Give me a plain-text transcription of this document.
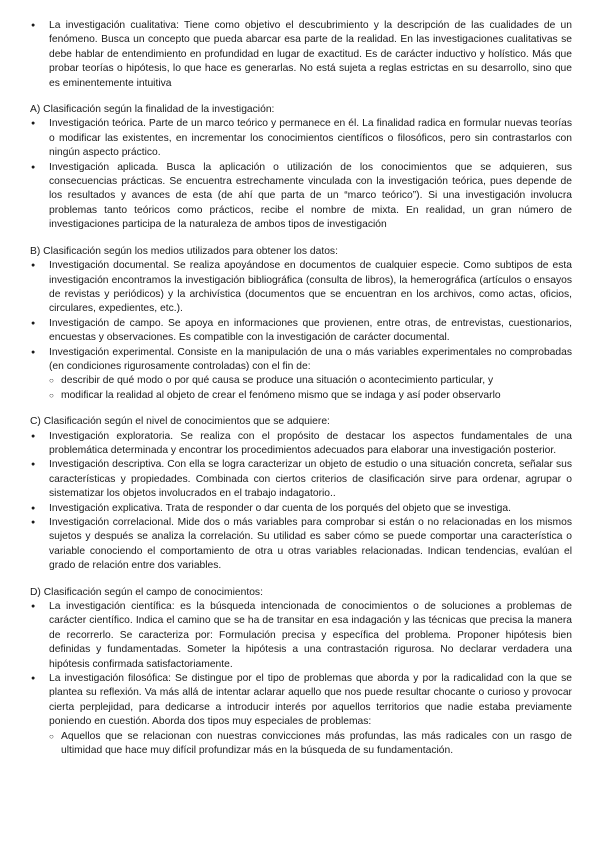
● La investigación cualitativa: Tiene como objetivo el descubrimiento y la descripción de las cualidades de un fenómeno. Busca un concepto que pueda abarcar esa parte de la realidad. En las investigaciones cualitativas se debe hablar de entendimiento en profundidad en lugar de exactitud. Es de carácter inductivo y holístico. Más que probar teorías o hipótesis, lo que hace es generarlas. No está sujeta a reglas estrictas en su desarrollo, sino que es eminentemente intuitiva

A) Clasificación según la finalidad de la investigación:

● Investigación teórica. Parte de un marco teórico y permanece en él. La finalidad radica en formular nuevas teorías o modificar las existentes, en incrementar los conocimientos científicos o filosóficos, pero sin contrastarlos con ningún aspecto práctico.
● Investigación aplicada. Busca la aplicación o utilización de los conocimientos que se adquieren, sus consecuencias prácticas. Se encuentra estrechamente vinculada con la investigación teórica, pues depende de los resultados y avances de esta (de ahí que parta de un “marco teórico”). Si una investigación involucra problemas tanto teóricos como prácticos, recibe el nombre de mixta. En realidad, un gran número de investigaciones participa de la naturaleza de ambos tipos de investigación

B) Clasificación según los medios utilizados para obtener los datos:

● Investigación documental. Se realiza apoyándose en documentos de cualquier especie. Como subtipos de esta investigación encontramos la investigación bibliográfica (consulta de libros), la hemerográfica (artículos o ensayos de revistas y periódicos) y la archivística (documentos que se encuentran en los archivos, como actas, oficios, circulares, expedientes, etc.).
● Investigación de campo. Se apoya en informaciones que provienen, entre otras, de entrevistas, cuestionarios, encuestas y observaciones. Es compatible con la investigación de carácter documental.
● Investigación experimental. Consiste en la manipulación de una o más variables experimentales no comprobadas (en condiciones rigurosamente controladas) con el fin de:
○ describir de qué modo o por qué causa se produce una situación o acontecimiento particular, y
○ modificar la realidad al objeto de crear el fenómeno mismo que se indaga y así poder observarlo

C) Clasificación según el nivel de conocimientos que se adquiere:

● Investigación exploratoria. Se realiza con el propósito de destacar los aspectos fundamentales de una problemática determinada y encontrar los procedimientos adecuados para elaborar una investigación posterior.
● Investigación descriptiva. Con ella se logra caracterizar un objeto de estudio o una situación concreta, señalar sus características y propiedades. Combinada con ciertos criterios de clasificación sirve para ordenar, agrupar o sistematizar los objetos involucrados en el trabajo indagatorio..
● Investigación explicativa. Trata de responder o dar cuenta de los porqués del objeto que se investiga.
● Investigación correlacional. Mide dos o más variables para comprobar si están o no relacionadas en los mismos sujetos y después se analiza la correlación. Su utilidad es saber cómo se puede comportar una característica o variable conociendo el comportamiento de otra u otras variables relacionadas. Indican tendencias, evalúan el grado de relación entre dos variables.

D) Clasificación según el campo de conocimientos:

● La investigación científica: es la búsqueda intencionada de conocimientos o de soluciones a problemas de carácter científico. Indica el camino que se ha de transitar en esa indagación y las técnicas que precisa la manera de recorrerlo. Se caracteriza por: Formulación precisa y específica del problema. Proponer hipótesis bien definidas y fundamentadas. Someter la hipótesis a una contrastación rigurosa. No declarar verdadera una hipótesis confirmada satisfactoriamente.
● La investigación filosófica: Se distingue por el tipo de problemas que aborda y por la radicalidad con la que se plantea su reflexión. Va más allá de intentar aclarar aquello que nos puede resultar chocante o curioso y provocar cierta perplejidad, para dedicarse a introducir interés por aquellos territorios que nadie estaba previamente poniendo en cuestión. Aborda dos tipos muy especiales de problemas:
○ Aquellos que se relacionan con nuestras convicciones más profundas, las más radicales con un rasgo de ultimidad que hace muy difícil profundizar más en la búsqueda de su fundamentación.
